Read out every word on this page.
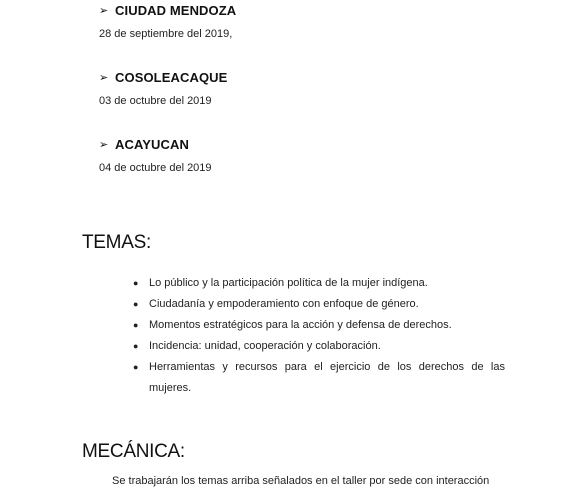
➢ CIUDAD MENDOZA
28 de septiembre del 2019,
➢ COSOLEACAQUE
03 de octubre del 2019
➢ ACAYUCAN
04 de octubre del 2019
TEMAS:
● Lo público y la participación política de la mujer indígena.
● Ciudadanía y empoderamiento con enfoque de género.
● Momentos estratégicos para la acción y defensa de derechos.
● Incidencia: unidad, cooperación y colaboración.
● Herramientas y recursos para el ejercicio de los derechos de las mujeres.
MECÁNICA:
Se trabajarán los temas arriba señalados en el taller por sede con interacción
